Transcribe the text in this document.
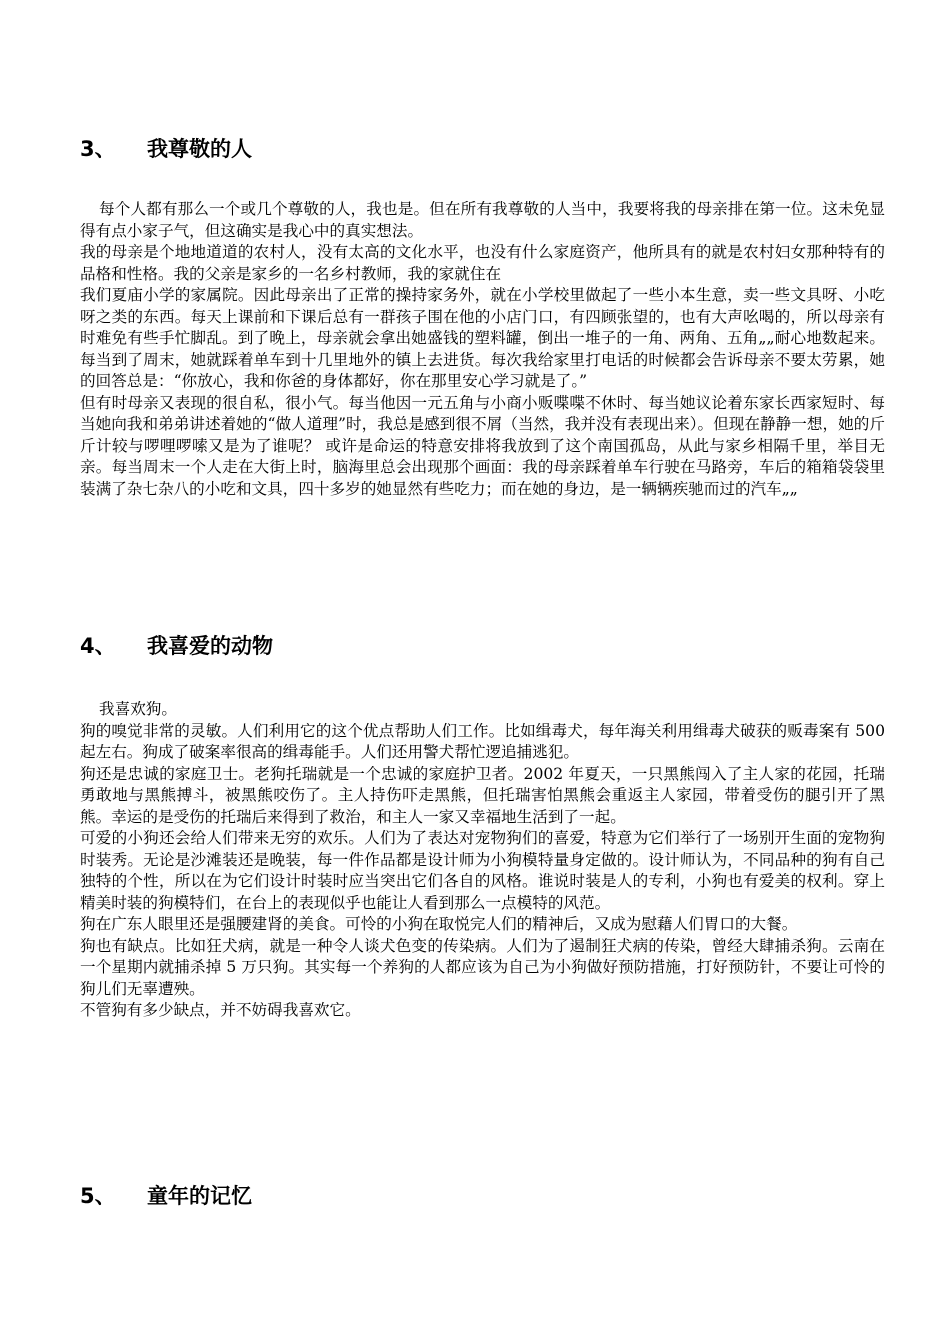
3、 我尊敬的人

每个人都有那么一个或几个尊敬的人，我也是。但在所有我尊敬的人当中，我要将我的母亲排在第一位。这未免显得有点小家子气，但这确实是我心中的真实想法。

我的母亲是个地地道道的农村人，没有太高的文化水平，也没有什么家庭资产，他所具有的就是农村妇女那种特有的品格和性格。我的父亲是家乡的一名乡村教师，我的家就住在

我们夏庙小学的家属院。因此母亲出了正常的操持家务外，就在小学校里做起了一些小本生意，卖一些文具呀、小吃呀之类的东西。每天上课前和下课后总有一群孩子围在他的小店门口，有四顾张望的，也有大声吆喝的，所以母亲有时难免有些手忙脚乱。到了晚上，母亲就会拿出她盛钱的塑料罐，倒出一堆子的一角、两角、五角„„耐心地数起来。每当到了周末，她就踩着单车到十几里地外的镇上去进货。每次我给家里打电话的时候都会告诉母亲不要太劳累，她的回答总是：“你放心，我和你爸的身体都好，你在那里安心学习就是了。”

但有时母亲又表现的很自私，很小气。每当他因一元五角与小商小贩喋喋不休时、每当她议论着东家长西家短时、每当她向我和弟弟讲述着她的“做人道理”时，我总是感到很不屑（当然，我并没有表现出来）。但现在静静一想，她的斤斤计较与啰哩啰嗦又是为了谁呢？ 或许是命运的特意安排将我放到了这个南国孤岛，从此与家乡相隔千里，举目无亲。每当周末一个人走在大街上时，脑海里总会出现那个画面：我的母亲踩着单车行驶在马路旁，车后的箱箱袋袋里装满了杂七杂八的小吃和文具，四十多岁的她显然有些吃力；而在她的身边，是一辆辆疾驰而过的汽车„„

4、 我喜爱的动物

我喜欢狗。

狗的嗅觉非常的灵敏。人们利用它的这个优点帮助人们工作。比如缉毒犬，每年海关利用缉毒犬破获的贩毒案有 500 起左右。狗成了破案率很高的缉毒能手。人们还用警犬帮忙逻追捕逃犯。

狗还是忠诚的家庭卫士。老狗托瑞就是一个忠诚的家庭护卫者。2002 年夏天，一只黑熊闯入了主人家的花园，托瑞勇敢地与黑熊搏斗，被黑熊咬伤了。主人持伤吓走黑熊，但托瑞害怕黑熊会重返主人家园，带着受伤的腿引开了黑熊。幸运的是受伤的托瑞后来得到了救治，和主人一家又幸福地生活到了一起。

可爱的小狗还会给人们带来无穷的欢乐。人们为了表达对宠物狗们的喜爱，特意为它们举行了一场别开生面的宠物狗时装秀。无论是沙滩装还是晚装，每一件作品都是设计师为小狗模特量身定做的。设计师认为，不同品种的狗有自己独特的个性，所以在为它们设计时装时应当突出它们各自的风格。谁说时装是人的专利，小狗也有爱美的权利。穿上精美时装的狗模特们，在台上的表现似乎也能让人看到那么一点模特的风范。

狗在广东人眼里还是强腰建肾的美食。可怜的小狗在取悦完人们的精神后，又成为慰藉人们胃口的大餐。

狗也有缺点。比如狂犬病，就是一种令人谈犬色变的传染病。人们为了遏制狂犬病的传染，曾经大肆捕杀狗。云南在一个星期内就捕杀掉 5 万只狗。其实每一个养狗的人都应该为自己为小狗做好预防措施，打好预防针，不要让可怜的狗儿们无辜遭殃。

不管狗有多少缺点，并不妨碍我喜欢它。

5、 童年的记忆
